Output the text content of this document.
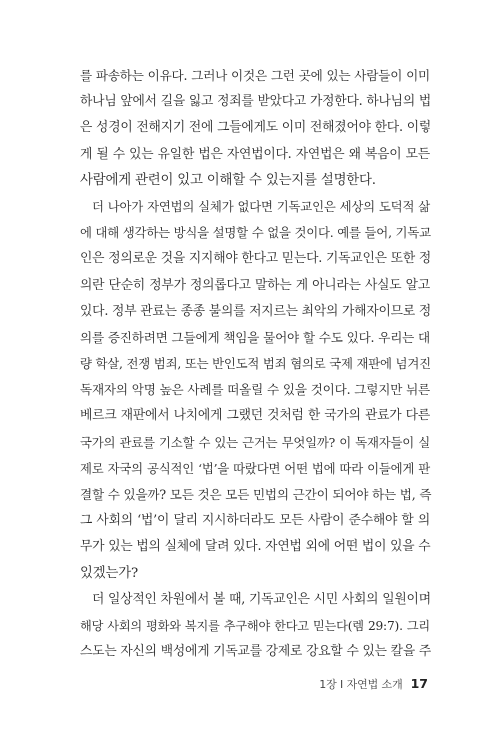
를 파송하는 이유다. 그러나 이것은 그런 곳에 있는 사람들이 이미
하나님 앞에서 길을 잃고 정죄를 받았다고 가정한다. 하나님의 법
은 성경이 전해지기 전에 그들에게도 이미 전해졌어야 한다. 이렇
게 될 수 있는 유일한 법은 자연법이다. 자연법은 왜 복음이 모든
사람에게 관련이 있고 이해할 수 있는지를 설명한다.
더 나아가 자연법의 실체가 없다면 기독교인은 세상의 도덕적 삶
에 대해 생각하는 방식을 설명할 수 없을 것이다. 예를 들어, 기독교
인은 정의로운 것을 지지해야 한다고 믿는다. 기독교인은 또한 정
의란 단순히 정부가 정의롭다고 말하는 게 아니라는 사실도 알고
있다. 정부 관료는 종종 불의를 저지르는 최악의 가해자이므로 정
의를 증진하려면 그들에게 책임을 물어야 할 수도 있다. 우리는 대
량 학살, 전쟁 범죄, 또는 반인도적 범죄 혐의로 국제 재판에 넘겨진
독재자의 악명 높은 사례를 떠올릴 수 있을 것이다. 그렇지만 뉘른
베르크 재판에서 나치에게 그랬던 것처럼 한 국가의 관료가 다른
국가의 관료를 기소할 수 있는 근거는 무엇일까? 이 독재자들이 실
제로 자국의 공식적인 ‘법’을 따랐다면 어떤 법에 따라 이들에게 판
결할 수 있을까? 모든 것은 모든 민법의 근간이 되어야 하는 법, 즉
그 사회의 ‘법’이 달리 지시하더라도 모든 사람이 준수해야 할 의
무가 있는 법의 실체에 달려 있다. 자연법 외에 어떤 법이 있을 수
있겠는가?
더 일상적인 차원에서 볼 때, 기독교인은 시민 사회의 일원이며
해당 사회의 평화와 복지를 추구해야 한다고 믿는다(렘 29:7). 그리
스도는 자신의 백성에게 기독교를 강제로 강요할 수 있는 칼을 주
1장 I 자연법 소개 17
